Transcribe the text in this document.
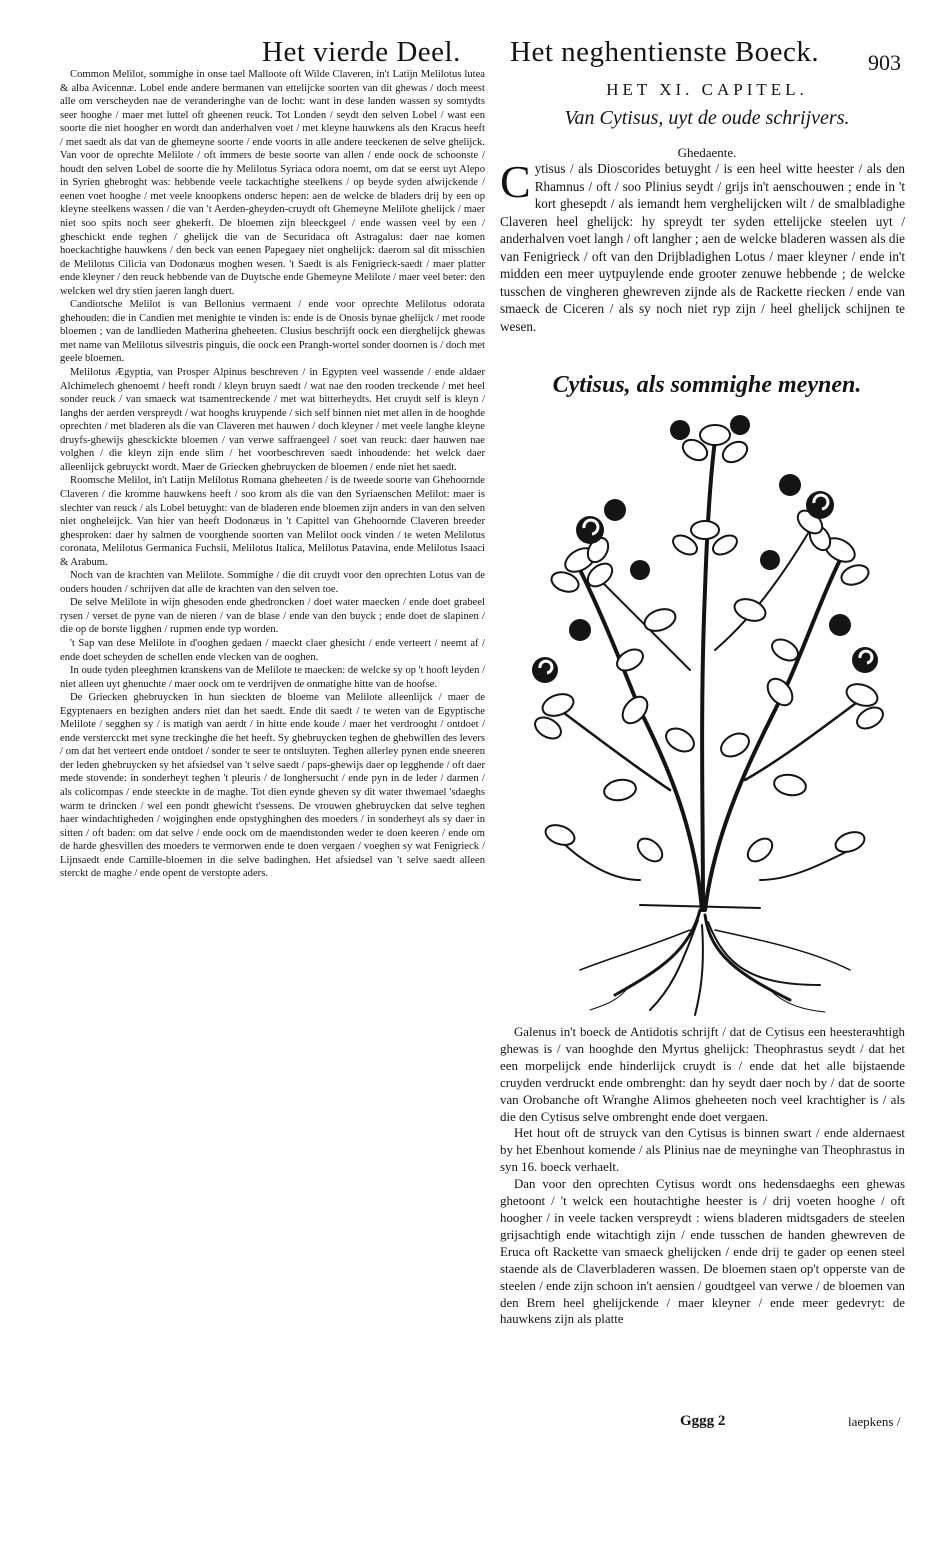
Het vierde Deel. Het neghentienste Boeck. 903

Common Melilot, sommighe in onse tael Malloote oft Wilde Claveren, in't Latijn Melilotus lutea & alba Avicennæ. Lobel ende andere bermanen van ettelijcke soorten van dit ghewas / doch meest alle om verscheyden nae de veranderinghe van de locht: want in dese landen wassen sy somtydts seer hooghe / maer met luttel oft gheenen reuck. Tot Londen / seydt den selven Lobel / wast een soorte die niet hoogher en wordt dan anderhalven voet / met kleyne hauwkens als den Kracus heeft / met saedt als dat van de ghemeyne soorte / ende voorts in alle andere teeckenen de selve ghelijck. Van voor de oprechte Melilote / oft immers de beste soorte van allen / ende oock de schoonste / houdt den selven Lobel de soorte die hy Melilotus Syriaca odora noemt, om dat se eerst uyt Alepo in Syrien ghebroght was: hebbende veele tackachtighe steelkens / op beyde syden afwijckende / eenen voet hooghe / met veele knoopkens ondersc hepen: aen de welcke de bladers drij by een op kleyne steelkens wassen / die van 't Aerden-gheyden-cruydt oft Ghemeyne Melilote ghelijck / maer niet soo spits noch seer ghekerft. De bloemen zijn bleeckgeel / ende wassen veel by een / gheschickt ende teghen / ghelijck die van de Securidaca oft Astragalus: daer nae komen hoeckachtighe hauwkens / den beck van eenen Papegaey niet onghelijck: daerom sal dit misschien de Melilotus Cilicia van Dodonæus moghen wesen. 't Saedt is als Fenigrieck-saedt / maer platter ende kleyner / den reuck hebbende van de Duytsche ende Ghemeyne Melilote / maer veel beter: den welcken wel dry stien jaeren langh duert.

Candiotsche Melilot is van Bellonius vermaent / ende voor oprechte Melilotus odorata ghehouden: die in Candien met menighte te vinden is: ende is de Onosis bynae ghelijck / met roode bloemen ; van de landlieden Matherina gheheeten. Clusius beschrijft oock een dierghelijck ghewas met name van Melilotus silvestris pinguis, die oock een Prangh-wortel sonder doornen is / doch met geele bloemen.

Melilotus Ægyptia, van Prosper Alpinus beschreven / in Egypten veel wassende / ende aldaer Alchimelech ghenoemt / heeft rondt / kleyn bruyn saedt / wat nae den rooden treckende / met heel sonder reuck / van smaeck wat tsamentreckende / met wat bitterheydts. Het cruydt self is kleyn / langhs der aerden verspreydt / wat hooghs kruypende / sich self binnen niet met allen in de hooghde oprechten / met bladeren als die van Claveren met hauwen / doch kleyner / met veele langhe kleyne druyfs-ghewijs ghesckickte bloemen / van verwe saffraengeel / soet van reuck: daer hauwen nae volghen / die kleyn zijn ende slim / het voorbeschreven saedt inhoudende: het welck daer alleenlijck gebruyckt wordt. Maer de Griecken ghebruycken de bloemen / ende niet het saedt.

Roomsche Melilot, in't Latijn Melilotus Romana gheheeten / is de tweede soorte van Ghehoornde Claveren / die kromme hauwkens heeft / soo krom als die van den Syriaenschen Melilot: maer is slechter van reuck / als Lobel betuyght: van de bladeren ende bloemen zijn anders in van den selven niet ongheleijck. Van hier van heeft Dodonæus in 't Capittel van Ghehoornde Claveren breeder ghesproken: daer hy salmen de voorghende soorten van Melilot oock vinden / te weten Melilotus coronata, Melilotus Germanica Fuchsii, Melilotus Italica, Melilotus Patavina, ende Melilotus Isaaci & Arabum.

Noch van de krachten van Melilote. Sommighe / die dit cruydt voor den oprechten Lotus van de ouders houden / schrijven dat alle de krachten van den selven toe.

De selve Melilote in wijn ghesoden ende ghedroncken / doet water maecken / ende doet grabeel rysen / verset de pyne van de nieren / van de blase / ende van den buyck ; ende doet de slapinen / die op de borste ligghen / rupmen ende typ worden.

't Sap van dese Melilote in d'ooghen gedaen / maeckt claer ghesicht / ende verteert / neemt af / ende doet scheyden de schellen ende vlecken van de ooghen.

In oude tyden pleeghmen kranskens van de Melilote te maecken: de welcke sy op 't hooft leyden / niet alleen uyt ghenuchte / maer oock om te verdrijven de onmatighe hitte van de hoofse.

De Griecken ghebruycken in hun sieckten de bloeme van Melilote alleenlijck / maer de Egyptenaers en bezighen anders niet dan het saedt. Ende dit saedt / te weten van de Egyptische Melilote / segghen sy / is matigh van aerdt / in hitte ende koude / maer het verdrooght / ontdoet / ende verstercckt met syne treckinghe die het heeft. Sy ghebruycken teghen de ghebwillen des levers / om dat het verteert ende ontdoet / sonder te seer te ontsluyten. Teghen allerley pynen ende sneeren der leden ghebruycken sy het afsiedsel van 't selve saedt / paps-ghewijs daer op legghende / oft daer mede stovende: in sonderheyt teghen 't pleuris / de longhersucht / ende pyn in de leder / darmen / als colicompas / ende steeckte in de maghe. Tot dien eynde gheven sy dit water thwemael 'sdaeghs warm te drincken / wel een pondt ghewicht t'sessens. De vrouwen ghebruycken dat selve teghen haer windachtigheden / wojginghen ende opstyghinghen des moeders / in sonderheyt als sy daer in sitten / oft baden: om dat selve / ende oock om de maendtstonden weder te doen keeren / ende om de harde ghesvillen des moeders te vermorwen ende te doen vergaen / voeghen sy wat Fenigrieck / Lijnsaedt ende Camille-bloemen in die selve badinghen. Het afsiedsel van 't selve saedt alleen sterckt de maghe / ende opent de verstopte aders.

HET XI. CAPITEL.
Van Cytisus, uyt de oude schrijvers.
Ghedaente.
Cytisus / als Dioscorides betuyght / is een heel witte heester / als den Rhamnus / oft / soo Plinius seydt / grijs in't aenschouwen ; ende in 't kort ghesepdt / als iemandt hem verghelijcken wilt / de smalbladighe Claveren heel ghelijck: hy spreydt ter syden ettelijcke steelen uyt / anderhalven voet langh / oft langher ; aen de welcke bladeren wassen als die van Fenigrieck / oft van den Drijbladighen Lotus / maer kleyner / ende in't midden een meer uytpuylende ende grooter zenuwe hebbende ; de welcke tusschen de vingheren ghewreven zijnde als de Rackette riecken / ende van smaeck de Ciceren / als sy noch niet ryp zijn / heel ghelijck schijnen te wesen.
Cytisus, als sommighe meynen.

Galenus in't boeck de Antidotis schrijft / dat de Cytisus een heesteraчhtigh ghewas is / van hooghde den Myrtus ghelijck: Theophrastus seydt / dat het een morpelijck ende hinderlijck cruydt is / ende dat het alle bijstaende cruyden verdruckt ende ombrenght: dan hy seydt daer noch by / dat de soorte van Orobanche oft Wranghe Alimos gheheeten noch veel krachtigher is / als die den Cytisus selve ombrenght ende doet vergaen.

Het hout oft de struyck van den Cytisus is binnen swart / ende aldernaest by het Ebenhout komende / als Plinius nae de meyninghe van Theophrastus in syn 16. boeck verhaelt.

Dan voor den oprechten Cytisus wordt ons hedensdaeghs een ghewas ghetoont / 't welck een houtachtighe heester is / drij voeten hooghe / oft hoogher / in veele tacken verspreydt : wiens bladeren midtsgaders de steelen grijsachtigh ende witachtigh zijn / ende tusschen de handen ghewreven de Eruca oft Rackette van smaeck ghelijcken / ende drij te gader op eenen steel staende als de Claverbladeren wassen. De bloemen staen op't opperste van de steelen / ende zijn schoon in't aensien / goudtgeel van verwe / de bloemen van den Brem heel ghelijckende / maer kleyner / ende meer gedevryt: de hauwkens zijn als platte

Gggg 2	laepkens /
